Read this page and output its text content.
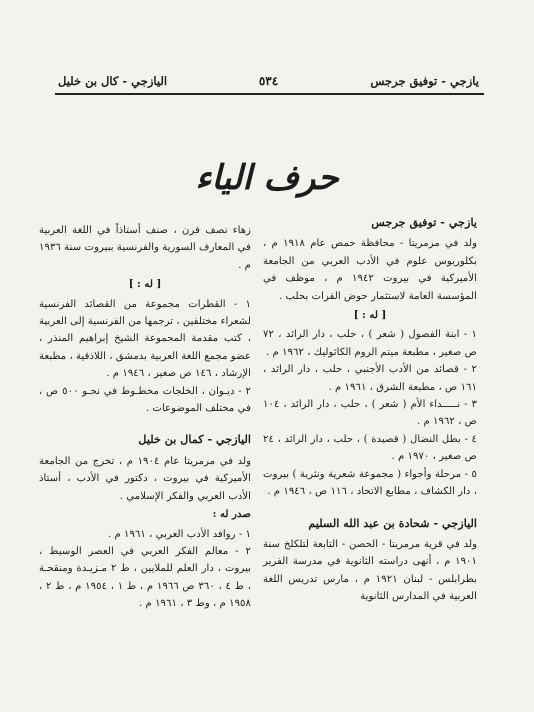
يازجي - توفيق جرجس
٥٣٤
اليازجي - كال بن خليل
حرف الياء
يازجي - توفيق جرجس

ولد في مرمريتا - محافظة حمص عام ١٩١٨ م ، بكلوريوس علوم في الأدب العربي من الجامعة الأميركية في بيروت ١٩٤٢ م ، موظف في المؤسسة العامة لاستثمار حوض الفرات بحلب .

[ له : ]

١ - ابنة الفصول ( شعر ) ، حلب ، دار الرائد ، ٧٢ ص صغير ، مطبعة ميتم الروم الكاثوليك ، ١٩٦٢ م .

٢ - قصائد من الأدب الأجنبي ، حلب ، دار الرائد ، ١٦١ ص ، مطبعة الشرق ، ١٩٦١ م .

٣ - نـــــداء الأم ( شعر ) ، حلب ، دار الرائد ، ١٠٤ ص ، ١٩٦٢ م .

٤ - بطل النضال ( قصيدة ) ، حلب ، دار الرائد ، ٢٤ ص صغير ، ١٩٧٠ م .

٥ - مرحلة وأجواء ( مجموعة شعرية ونثرية ) بيروت ، دار الكشاف ، مطابع الاتحاد ، ١١٦ ص ، ١٩٤٦ م .

اليازجي - شحادة بن عبد الله السليم

ولد في قرية مرمريتا - الحصن - التابعة لتلكلخ سنة ١٩٠١ م ، أنهى دراسته الثانوية في مدرسة الفرير بطرابلس - لبنان ١٩٢١ م ، مارس تدريس اللغة العربية في المدارس الثانوية

زهاء نصف قرن ، صنف أستاذاً في اللغة العربية في المعارف السورية والفرنسية ببيروت سنة ١٩٣٦ م .

[ له : ]

١ - القطرات مجموعة من القصائد الفرنسية لشعراء مختلفين ، ترجمها من الفرنسية إلى العربية ، كتب مقدمة المجموعة الشيخ إبراهيم المنذر ، عضو مجمع اللغة العربية بدمشق ، اللاذقية ، مطبعة الإرشاد ، ١٤٦ ص صغير ، ١٩٤٦ م .

٢ - ديـوان ، الخلجات مخطـوط في نحـو ٥٠٠ ص ، في مختلف الموضوعات .

اليازجي - كمال بن خليل

ولد في مرمريتا عام ١٩٠٤ م ، تخرج من الجامعة الأميركية في بيروت ، دكتور في الأدب ، أستاذ الأدب العربي والفكر الإسلامي .

صدر له :

١ - روافد الأدب العربي ، ١٩٦١ م .

٢ - معالم الفكر العربي في العصر الوسيط ، بيروت ، دار العلم للملايين ، ط ٢ مـزيـدة ومنقحـة ، ط ٤ ، ٣٦٠ ص ١٩٦٦ م ، ط ١ ، ١٩٥٤ م ، ط ٢ ، ١٩٥٨ م ، وط ٣ ، ١٩٦١ م .
